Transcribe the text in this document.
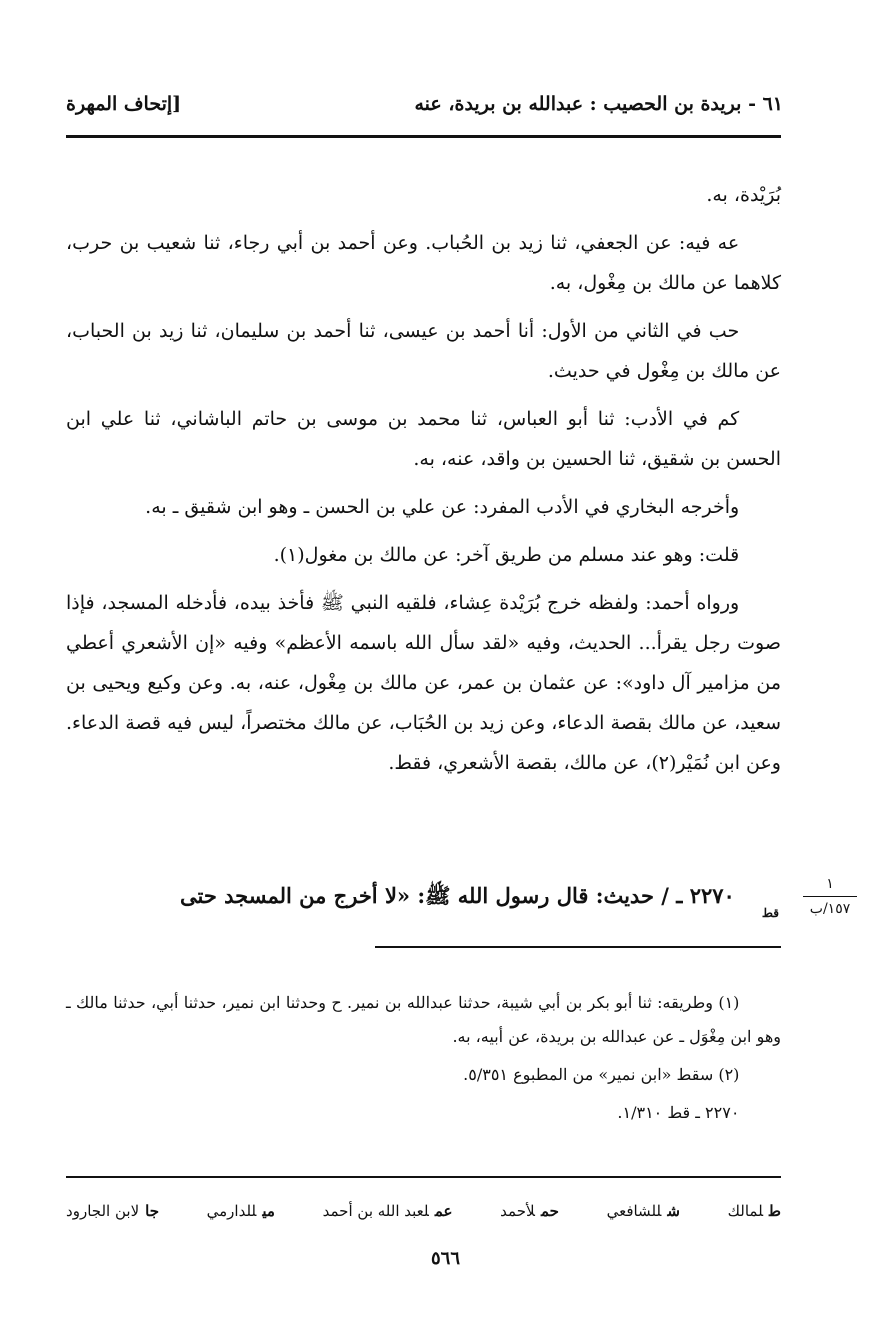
٦١ - بريدة بن الحصيب : عبدالله بن بريدة، عنه
[إتحاف المهرة

بُرَيْدة، به.

عه فيه: عن الجعفي، ثنا زيد بن الحُباب. وعن أحمد بن أبي رجاء، ثنا شعيب بن حرب، كلاهما عن مالك بن مِغْول، به.

حب في الثاني من الأول: أنا أحمد بن عيسى، ثنا أحمد بن سليمان، ثنا زيد بن الحباب، عن مالك بن مِغْول في حديث.

كم في الأدب: ثنا أبو العباس، ثنا محمد بن موسى بن حاتم الباشاني، ثنا علي ابن الحسن بن شقيق، ثنا الحسين بن واقد، عنه، به.

وأخرجه البخاري في الأدب المفرد: عن علي بن الحسن ـ وهو ابن شقيق ـ به.

قلت: وهو عند مسلم من طريق آخر: عن مالك بن مغول(١).

ورواه أحمد: ولفظه خرج بُرَيْدة عِشاء، فلقيه النبي ﷺ فأخذ بيده، فأدخله المسجد، فإذا صوت رجل يقرأ... الحديث، وفيه «لقد سأل الله باسمه الأعظم» وفيه «إن الأشعري أعطي من مزامير آل داود»: عن عثمان بن عمر، عن مالك بن مِغْول، عنه، به. وعن وكيع ويحيى بن سعيد، عن مالك بقصة الدعاء، وعن زيد بن الحُبَاب، عن مالك مختصراً، ليس فيه قصة الدعاء. وعن ابن نُمَيْر(٢)، عن مالك، بقصة الأشعري، فقط.

٢٢٧٠ ـ / حديث: قال رسول الله ﷺ: «لا أخرج من المسجد حتى	١
١٥٧/ب
قط

(١) وطريقه: ثنا أبو بكر بن أبي شيبة، حدثنا عبدالله بن نمير. ح وحدثنا ابن نمير، حدثنا أبي، حدثنا مالك ـ وهو ابن مِغْوَل ـ عن عبدالله بن بريدة، عن أبيه، به.

(٢) سقط «ابن نمير» من المطبوع ٥/٣٥١.

٢٢٧٠ ـ قط ١/٣١٠.

طلمالك
شللشافعي
حملأحمد
عملعبد الله بن أحمد
ميللدارمي
جالابن الجارود
٥٦٦
